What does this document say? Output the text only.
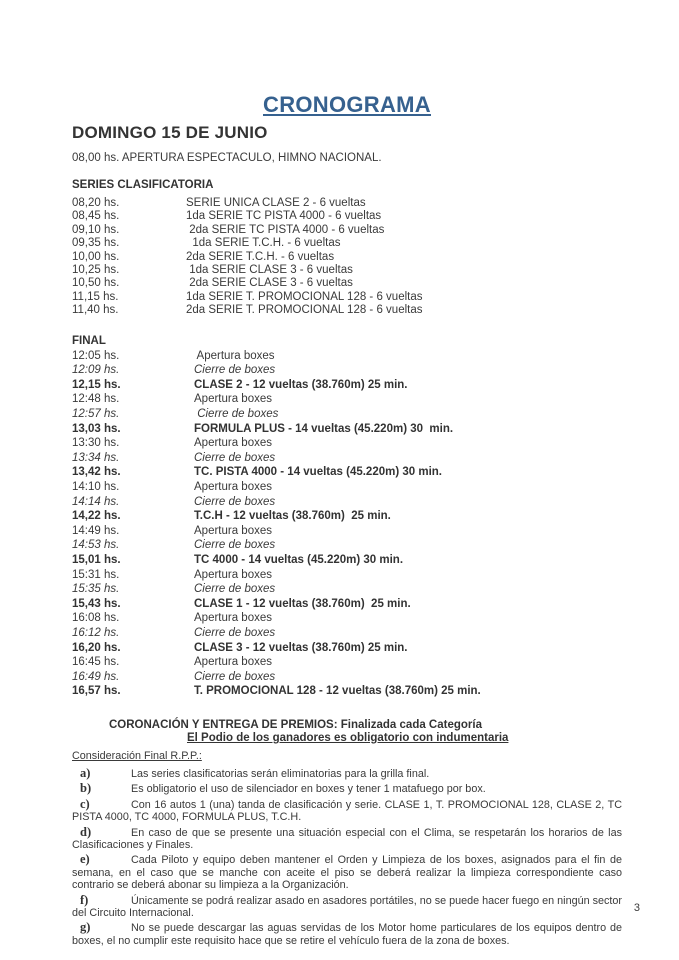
CRONOGRAMA
DOMINGO 15 DE JUNIO
08,00 hs. APERTURA ESPECTACULO, HIMNO NACIONAL.
SERIES CLASIFICATORIA
08,20 hs.	SERIE UNICA CLASE 2 - 6 vueltas
08,45 hs.	1da SERIE TC PISTA 4000 - 6 vueltas
09,10 hs.	2da SERIE TC PISTA 4000 - 6 vueltas
09,35 hs.	1da SERIE T.C.H. - 6 vueltas
10,00 hs.	2da SERIE T.C.H. - 6 vueltas
10,25 hs.	1da SERIE CLASE 3 - 6 vueltas
10,50 hs.	2da SERIE CLASE 3 - 6 vueltas
11,15 hs.	1da SERIE T. PROMOCIONAL 128 - 6 vueltas
11,40 hs.	2da SERIE T. PROMOCIONAL 128 - 6 vueltas
FINAL
12:05 hs.	Apertura boxes
12:09 hs.	Cierre de boxes
12,15 hs.	CLASE 2 - 12 vueltas (38.760m) 25 min.
12:48 hs.	Apertura boxes
12:57 hs.	Cierre de boxes
13,03 hs.	FORMULA PLUS - 14 vueltas (45.220m) 30  min.
13:30 hs.	Apertura boxes
13:34 hs.	Cierre de boxes
13,42 hs.	TC. PISTA 4000 - 14 vueltas (45.220m) 30 min.
14:10 hs.	Apertura boxes
14:14 hs.	Cierre de boxes
14,22 hs.	T.C.H - 12 vueltas (38.760m)  25 min.
14:49 hs.	Apertura boxes
14:53 hs.	Cierre de boxes
15,01 hs.	TC 4000 - 14 vueltas (45.220m) 30 min.
15:31 hs.	Apertura boxes
15:35 hs.	Cierre de boxes
15,43 hs.	CLASE 1 - 12 vueltas (38.760m)  25 min.
16:08 hs.	Apertura boxes
16:12 hs.	Cierre de boxes
16,20 hs.	CLASE 3 - 12 vueltas (38.760m) 25 min.
16:45 hs.	Apertura boxes
16:49 hs.	Cierre de boxes
16,57 hs.	T. PROMOCIONAL 128 - 12 vueltas (38.760m) 25 min.
CORONACIÓN Y ENTREGA DE PREMIOS: Finalizada cada Categoría
El Podio de los ganadores es obligatorio con indumentaria
Consideración Final R.P.P.:

a)	Las series clasificatorias serán eliminatorias para la grilla final.

b)	Es obligatorio el uso de silenciador en boxes y tener 1 matafuego por box.

c)	Con 16 autos 1 (una) tanda de clasificación y serie. CLASE 1, T. PROMOCIONAL 128, CLASE 2, TC PISTA 4000, TC 4000, FORMULA PLUS, T.C.H.

d)	En caso de que se presente una situación especial con el Clima, se respetarán los horarios de las Clasificaciones y Finales.

e)	Cada Piloto y equipo deben mantener el Orden y Limpieza de los boxes, asignados para el fin de semana, en el caso que se manche con aceite el piso se deberá realizar la limpieza correspondiente caso contrario se deberá abonar su limpieza a la Organización.

f)	Únicamente se podrá realizar asado en asadores portátiles, no se puede hacer fuego en ningún sector del Circuito Internacional.

g)	No se puede descargar las aguas servidas de los Motor home particulares de los equipos dentro de boxes, el no cumplir este requisito hace que se retire el vehículo fuera de la zona de boxes.

3
